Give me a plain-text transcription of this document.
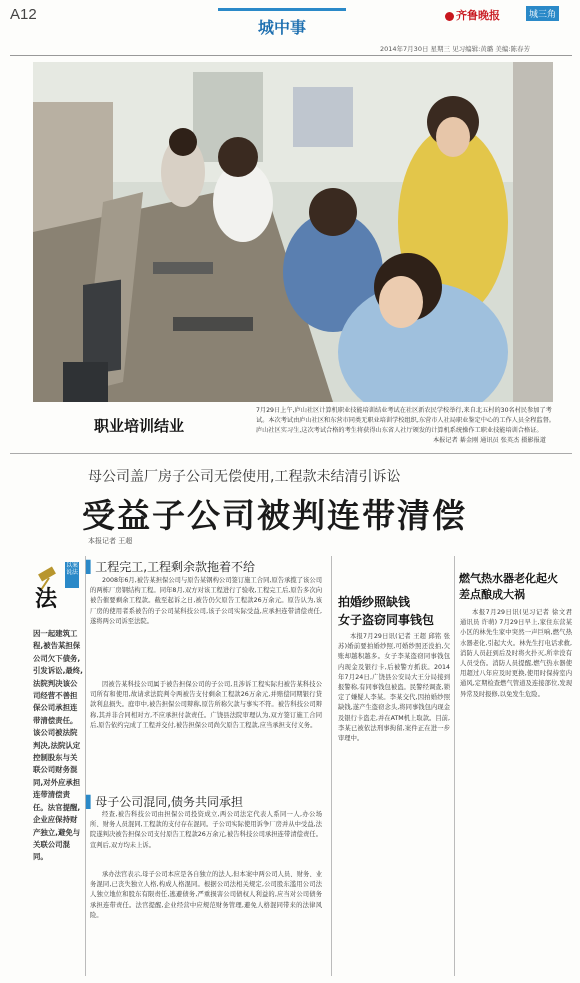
A12
城中事
齐鲁晚报	城三角
2014年7月30日 星期三 见习编辑:黄璐 美编:陈春芳
职业培训结业
7月29日上午,庐山社区计算机职业技能培训结业考试在社区新农民学校举行,来自北五村的30名村民参加了考试。本次考试由庐山社区和东营市同类无职业培训学校组织,东营市人社局职业鉴定中心的工作人员全程监督。庐山社区实习生,这次考试合格的考生将获得山东省人社厅颁发的计算机系统操作工职业技能培训合格证。
本报记者 綦金刚 通讯员 张英杰 摄影报道
母公司盖厂房子公司无偿使用,工程款未结清引诉讼
受益子公司被判连带清偿
本报记者 王超
法
以案说法
因一起建筑工程,被告某担保公司欠下债务,引发诉讼,最终,法院判决该公司经营不善担保公司承担连带清偿责任。该公司被法院判决,法院认定控制股东与关联公司财务混同,对外应承担连带清偿责任。法官提醒,企业应保持财产独立,避免与关联公司混同。
▌工程完工,工程剩余款拖着不给
2008年6月,被告某担保公司与原告某钢构公司签订施工合同,原告承揽了该公司的两栋厂房钢结构工程。同年8月,双方对该工程进行了验收,工程完工后,原告多次向被告催要剩余工程款。截至起诉之日,被告仍欠原告工程款26万余元。原告认为,该厂房的使用者系被告的子公司某科技公司,该子公司实际受益,应承担连带清偿责任,遂将两公司诉至法院。
因被告某科技公司属于被告担保公司的子公司,且涉诉工程实际归被告某科技公司所有和使用,故请求法院判令两被告支付剩余工程款26万余元,并赔偿同期银行贷款利息损失。庭审中,被告担保公司辩称,原告所称欠款与事实不符。被告科技公司辩称,其并非合同相对方,不应承担付款责任。广饶县法院审理认为,双方签订施工合同后,原告依约完成了工程并交付,被告担保公司尚欠原告工程款,应当承担支付义务。
▌母子公司混同,债务共同承担
经查,被告科技公司由担保公司投资成立,两公司法定代表人系同一人,办公场所、财务人员混同,工程款的支付存在混同。子公司实际使用诉争厂房并从中受益,法院遂判决被告担保公司支付原告工程款26万余元,被告科技公司承担连带清偿责任。宣判后,双方均未上诉。
承办法官表示,母子公司本应是各自独立的法人,但本案中两公司人员、财务、业务混同,已丧失独立人格,构成人格混同。根据公司法相关规定,公司股东滥用公司法人独立地位和股东有限责任,逃避债务,严重损害公司债权人利益的,应当对公司债务承担连带责任。法官提醒,企业经营中应规范财务管理,避免人格混同带来的法律风险。
拍婚纱照缺钱
女子盗窃同事钱包
本报7月29日讯(记者 王超 邱铭 张苏)婚前要拍婚纱照,可婚纱照还没拍,欠账却越积越多。女子李某盗窃同事钱包内现金及银行卡,后被警方抓获。2014年7月24日,广饶县公安局大王分局接到报警称,有同事钱包被盗。民警经调查,锁定了嫌疑人李某。李某交代,因拍婚纱照缺钱,遂产生盗窃念头,将同事钱包内现金及银行卡盗走,并在ATM机上取款。目前,李某已被依法刑事拘留,案件正在进一步审理中。
燃气热水器老化起火 差点酿成大祸
本报7月29日讯(见习记者 徐文君 通讯员 许萌) 7月29日早上,家住东营某小区的林先生家中突然一声巨响,燃气热水器老化,引起大火。林先生打电话求救,消防人员赶到后及时将火扑灭,所幸没有人员受伤。消防人员提醒,燃气热水器使用超过八年应及时更换,使用时保持室内通风,定期检查燃气管道及连接部位,发现异常及时报修,以免发生危险。
